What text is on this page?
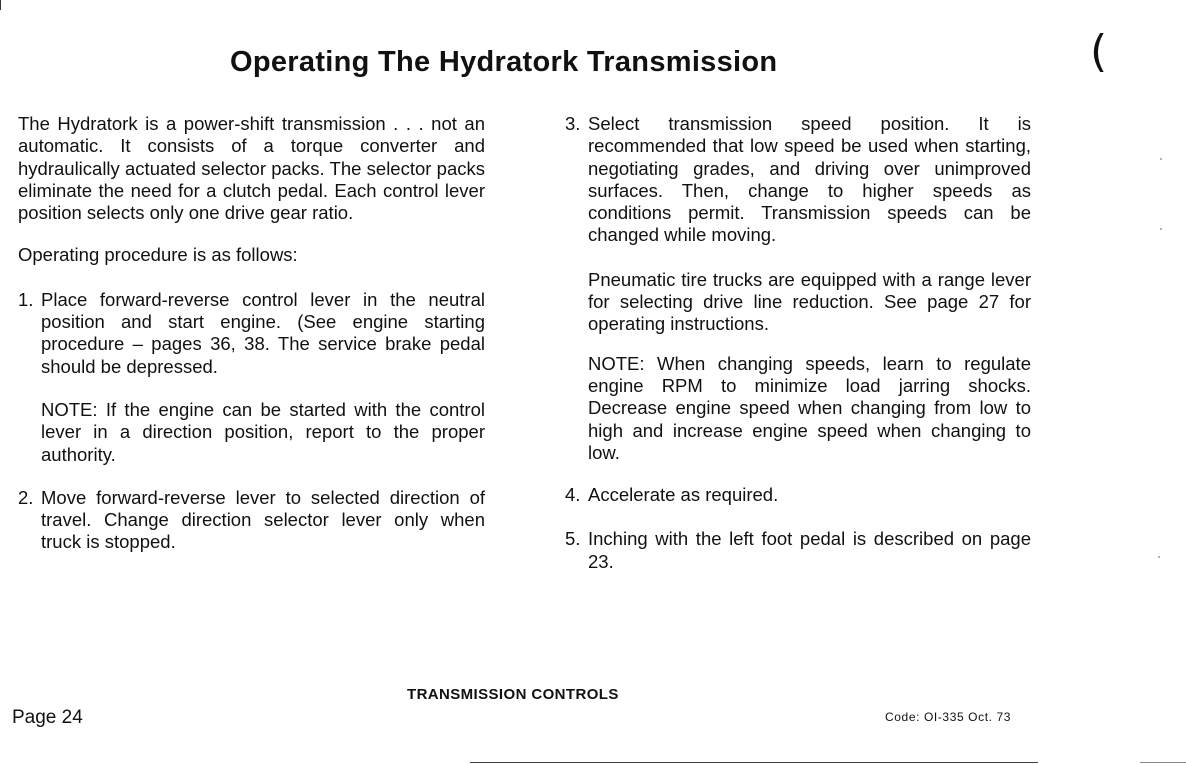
Operating The Hydratork Transmission	(

The Hydratork is a power-shift transmission . . . not an automatic. It consists of a torque converter and hydraulically actuated selector packs. The selector packs eliminate the need for a clutch pedal. Each control lever position selects only one drive gear ratio.

Operating procedure is as follows:

1. Place forward-reverse control lever in the neutral position and start engine. (See engine starting procedure – pages 36, 38. The service brake pedal should be depressed.

NOTE: If the engine can be started with the control lever in a direction position, report to the proper authority.

2. Move forward-reverse lever to selected direction of travel. Change direction selector lever only when truck is stopped.

3. Select transmission speed position. It is recommended that low speed be used when starting, negotiating grades, and driving over unimproved surfaces. Then, change to higher speeds as conditions permit. Transmission speeds can be changed while moving.

Pneumatic tire trucks are equipped with a range lever for selecting drive line reduction. See page 27 for operating instructions.

NOTE: When changing speeds, learn to regulate engine RPM to minimize load jarring shocks. Decrease engine speed when changing from low to high and increase engine speed when changing to low.

4. Accelerate as required.

5. Inching with the left foot pedal is described on page 23.

TRANSMISSION CONTROLS
Page 24	Code: OI-335 Oct. 73
